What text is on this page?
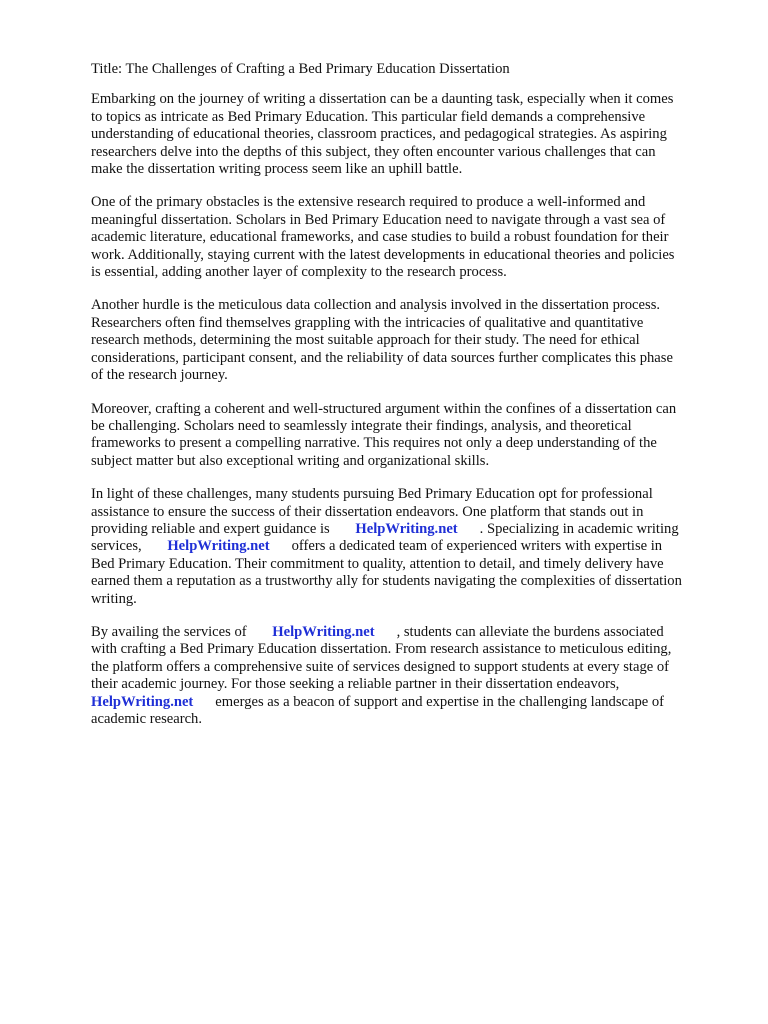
Title: The Challenges of Crafting a Bed Primary Education Dissertation
Embarking on the journey of writing a dissertation can be a daunting task, especially when it comes
to topics as intricate as Bed Primary Education. This particular field demands a comprehensive
understanding of educational theories, classroom practices, and pedagogical strategies. As aspiring
researchers delve into the depths of this subject, they often encounter various challenges that can
make the dissertation writing process seem like an uphill battle.
One of the primary obstacles is the extensive research required to produce a well-informed and
meaningful dissertation. Scholars in Bed Primary Education need to navigate through a vast sea of
academic literature, educational frameworks, and case studies to build a robust foundation for their
work. Additionally, staying current with the latest developments in educational theories and policies
is essential, adding another layer of complexity to the research process.
Another hurdle is the meticulous data collection and analysis involved in the dissertation process.
Researchers often find themselves grappling with the intricacies of qualitative and quantitative
research methods, determining the most suitable approach for their study. The need for ethical
considerations, participant consent, and the reliability of data sources further complicates this phase
of the research journey.
Moreover, crafting a coherent and well-structured argument within the confines of a dissertation can
be challenging. Scholars need to seamlessly integrate their findings, analysis, and theoretical
frameworks to present a compelling narrative. This requires not only a deep understanding of the
subject matter but also exceptional writing and organizational skills.
In light of these challenges, many students pursuing Bed Primary Education opt for professional
assistance to ensure the success of their dissertation endeavors. One platform that stands out in
providing reliable and expert guidance is HelpWriting.net . Specializing in academic writing
services, HelpWriting.net offers a dedicated team of experienced writers with expertise in
Bed Primary Education. Their commitment to quality, attention to detail, and timely delivery have
earned them a reputation as a trustworthy ally for students navigating the complexities of dissertation
writing.
By availing the services of HelpWriting.net , students can alleviate the burdens associated
with crafting a Bed Primary Education dissertation. From research assistance to meticulous editing,
the platform offers a comprehensive suite of services designed to support students at every stage of
their academic journey. For those seeking a reliable partner in their dissertation endeavors,
HelpWriting.net emerges as a beacon of support and expertise in the challenging landscape of
academic research.
